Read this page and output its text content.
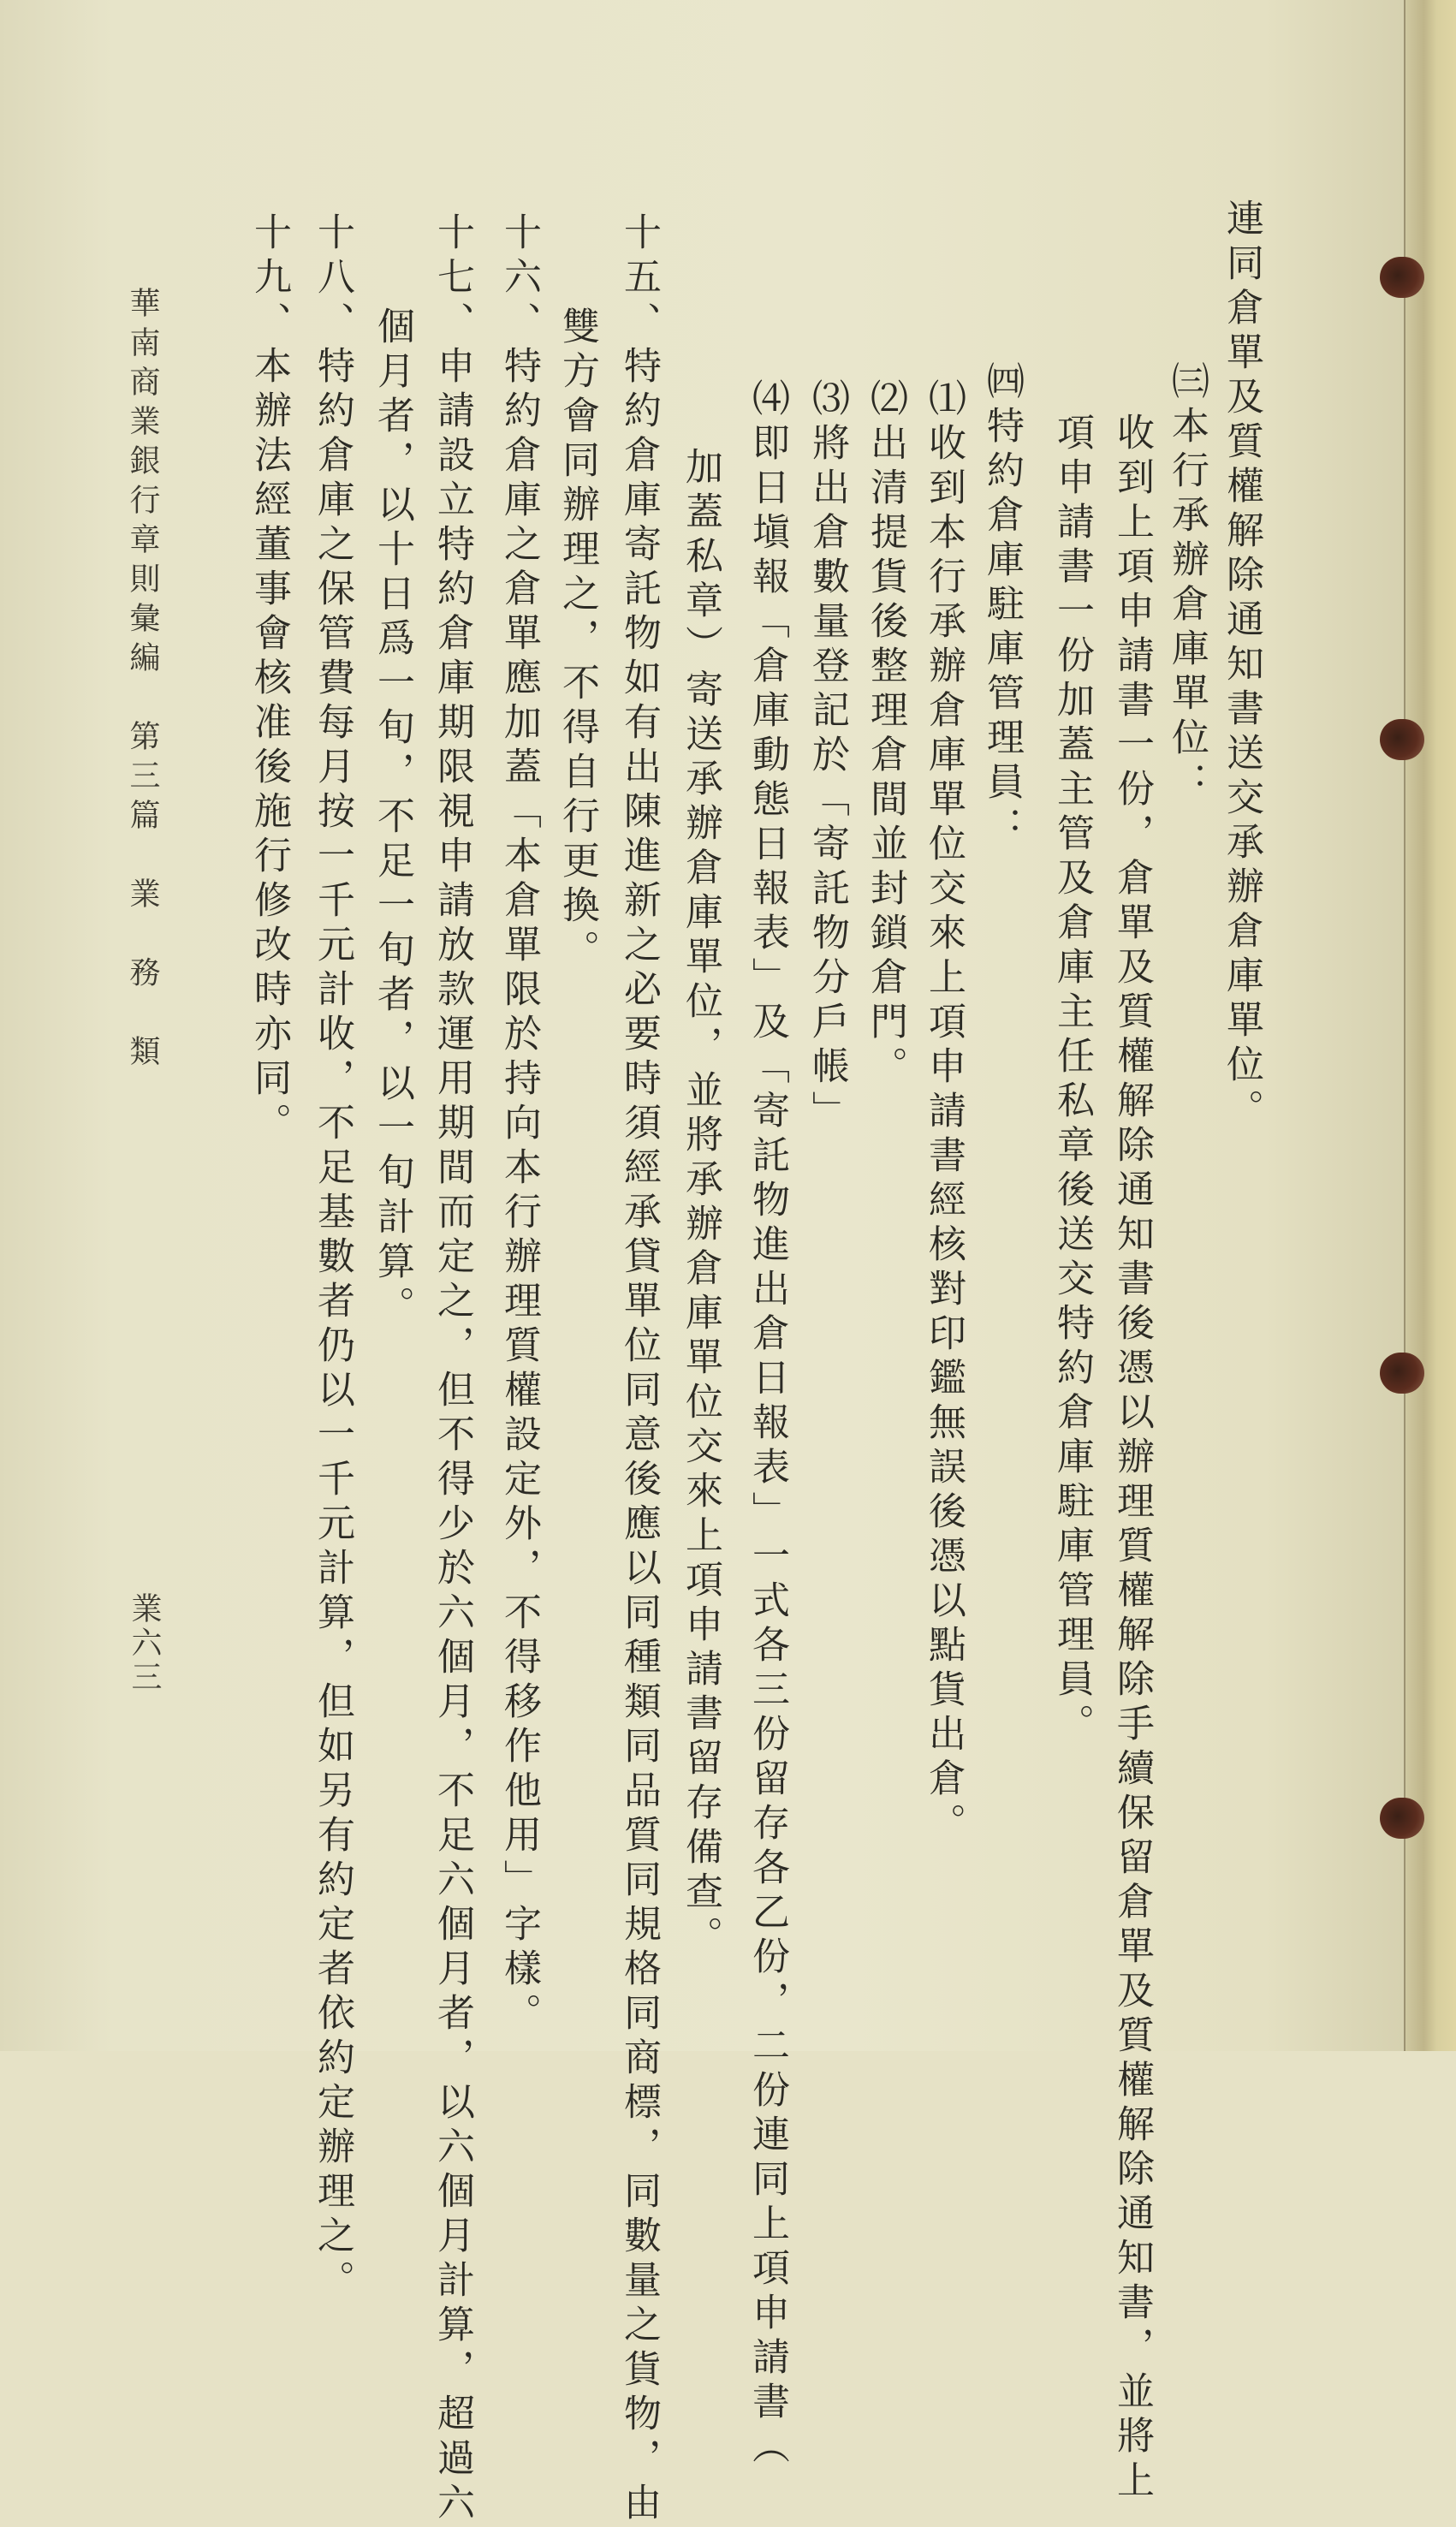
連同倉單及質權解除通知書送交承辦倉庫單位。
㈢本行承辦倉庫單位：
收到上項申請書一份，倉單及質權解除通知書後憑以辦理質權解除手續保留倉單及質權解除通知書，並將上
項申請書一份加蓋主管及倉庫主任私章後送交特約倉庫駐庫管理員。
㈣特約倉庫駐庫管理員：
⑴收到本行承辦倉庫單位交來上項申請書經核對印鑑無誤後憑以點貨出倉。
⑵出清提貨後整理倉間並封鎖倉門。
⑶將出倉數量登記於「寄託物分戶帳」
⑷即日塡報「倉庫動態日報表」及「寄託物進出倉日報表」一式各三份留存各乙份，二份連同上項申請書（
加蓋私章）寄送承辦倉庫單位，並將承辦倉庫單位交來上項申請書留存備查。
十五、特約倉庫寄託物如有出陳進新之必要時須經承貸單位同意後應以同種類同品質同規格同商標，同數量之貨物，由
雙方會同辦理之，不得自行更換。
十六、特約倉庫之倉單應加蓋「本倉單限於持向本行辦理質權設定外，不得移作他用」字樣。
十七、申請設立特約倉庫期限視申請放款運用期間而定之，但不得少於六個月，不足六個月者，以六個月計算，超過六
個月者，以十日爲一旬，不足一旬者，以一旬計算。
十八、特約倉庫之保管費每月按一千元計收，不足基數者仍以一千元計算，但如另有約定者依約定辦理之。
十九、本辦法經董事會核准後施行修改時亦同。
華南商業銀行章則彙編　第三篇　業　務　類
業六三
